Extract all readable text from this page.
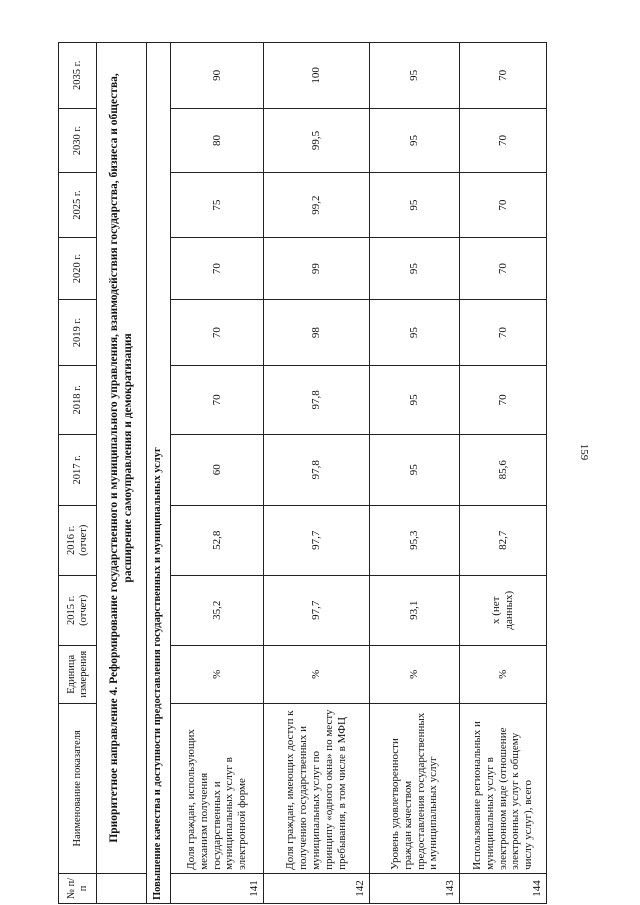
159
№ п/п	Наименование показателя	Единица измерения	2015 г. (отчет)	2016 г. (отчет)	2017 г.	2018 г.	2019 г.	2020 г.	2025 г.	2030 г.	2035 г.
	Приоритетное направление 4. Реформирование государственного и муниципального управления, взаимодействия государства, бизнеса и общества, расширение самоуправления и демократизация										
Повышение качества и доступности предоставления государственных и муниципальных услуг											
141	Доля граждан, использующих механизм получения государственных и муниципальных услуг в электронной форме	%	35,2	52,8	60	70	70	70	75	80	90
142	Доля граждан, имеющих доступ к получению государственных и муниципальных услуг по принципу «одного окна» по месту пребывания, в том числе в МФЦ	%	97,7	97,7	97,8	97,8	98	99	99,2	99,5	100
143	Уровень удовлетворенности граждан качеством предоставления государственных и муниципальных услуг	%	93,1	95,3	95	95	95	95	95	95	95
144	Использование региональных и муниципальных услуг в электронном виде (отношение электронных услуг к общему числу услуг), всего	%	х (нет данных)	82,7	85,6	70	70	70	70	70	70
